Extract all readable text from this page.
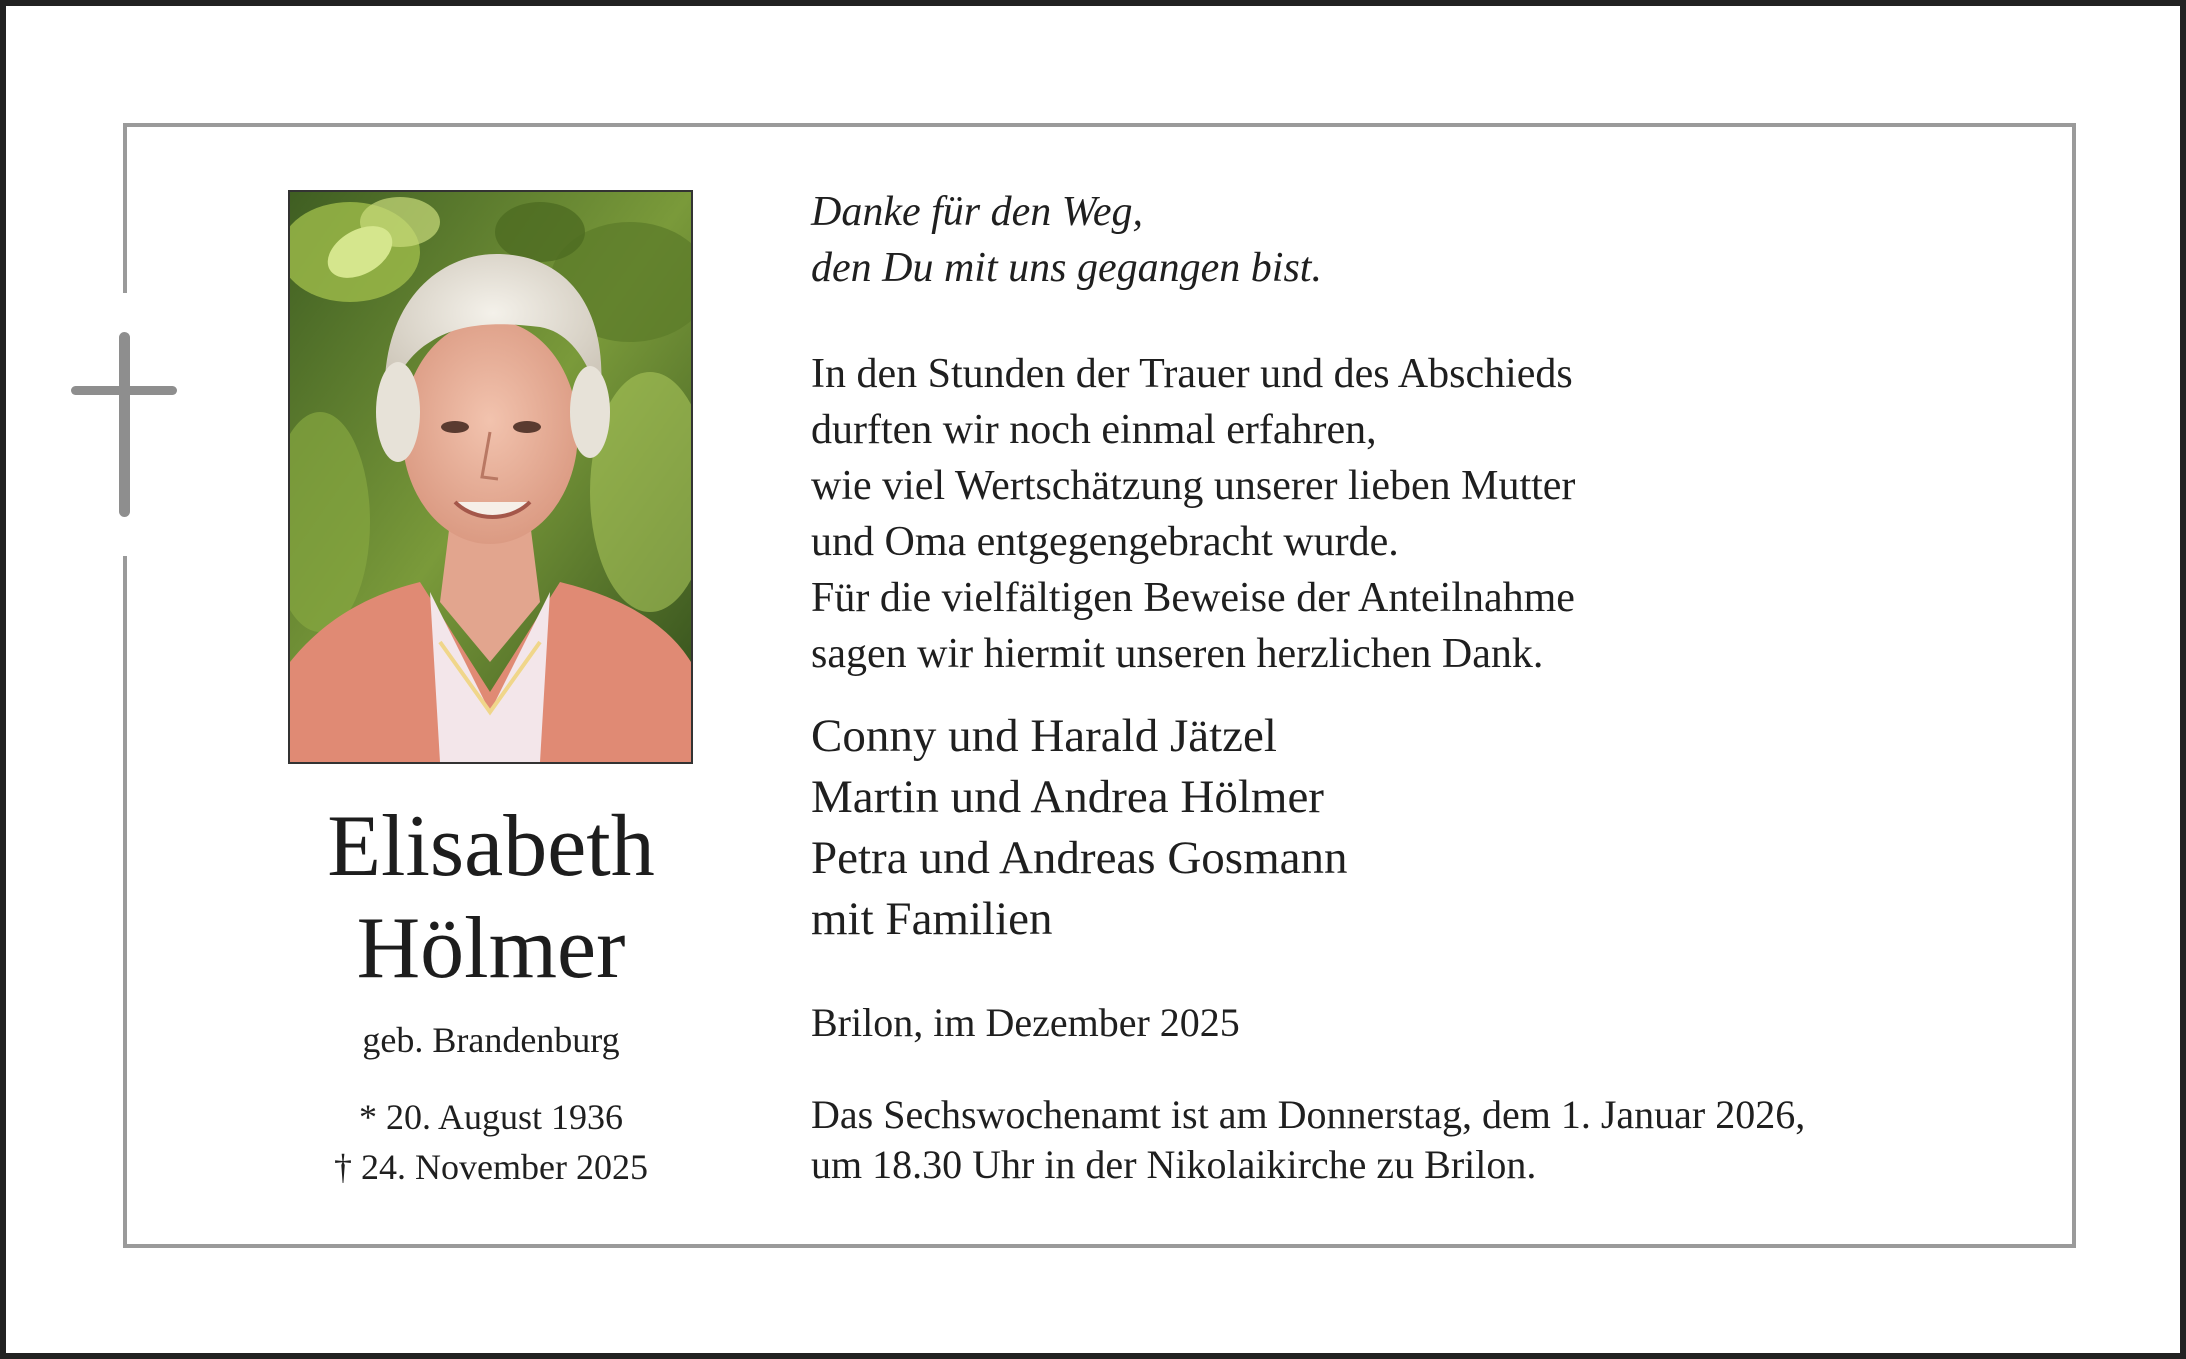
Elisabeth
Hölmer
geb. Brandenburg
* 20. August 1936
† 24. November 2025
Danke für den Weg,
den Du mit uns gegangen bist.
In den Stunden der Trauer und des Abschieds
durften wir noch einmal erfahren,
wie viel Wertschätzung unserer lieben Mutter
und Oma entgegengebracht wurde.
Für die vielfältigen Beweise der Anteilnahme
sagen wir hiermit unseren herzlichen Dank.
Conny und Harald Jätzel
Martin und Andrea Hölmer
Petra und Andreas Gosmann
mit Familien
Brilon, im Dezember 2025
Das Sechswochenamt ist am Donnerstag, dem 1. Januar 2026,
um 18.30 Uhr in der Nikolaikirche zu Brilon.
